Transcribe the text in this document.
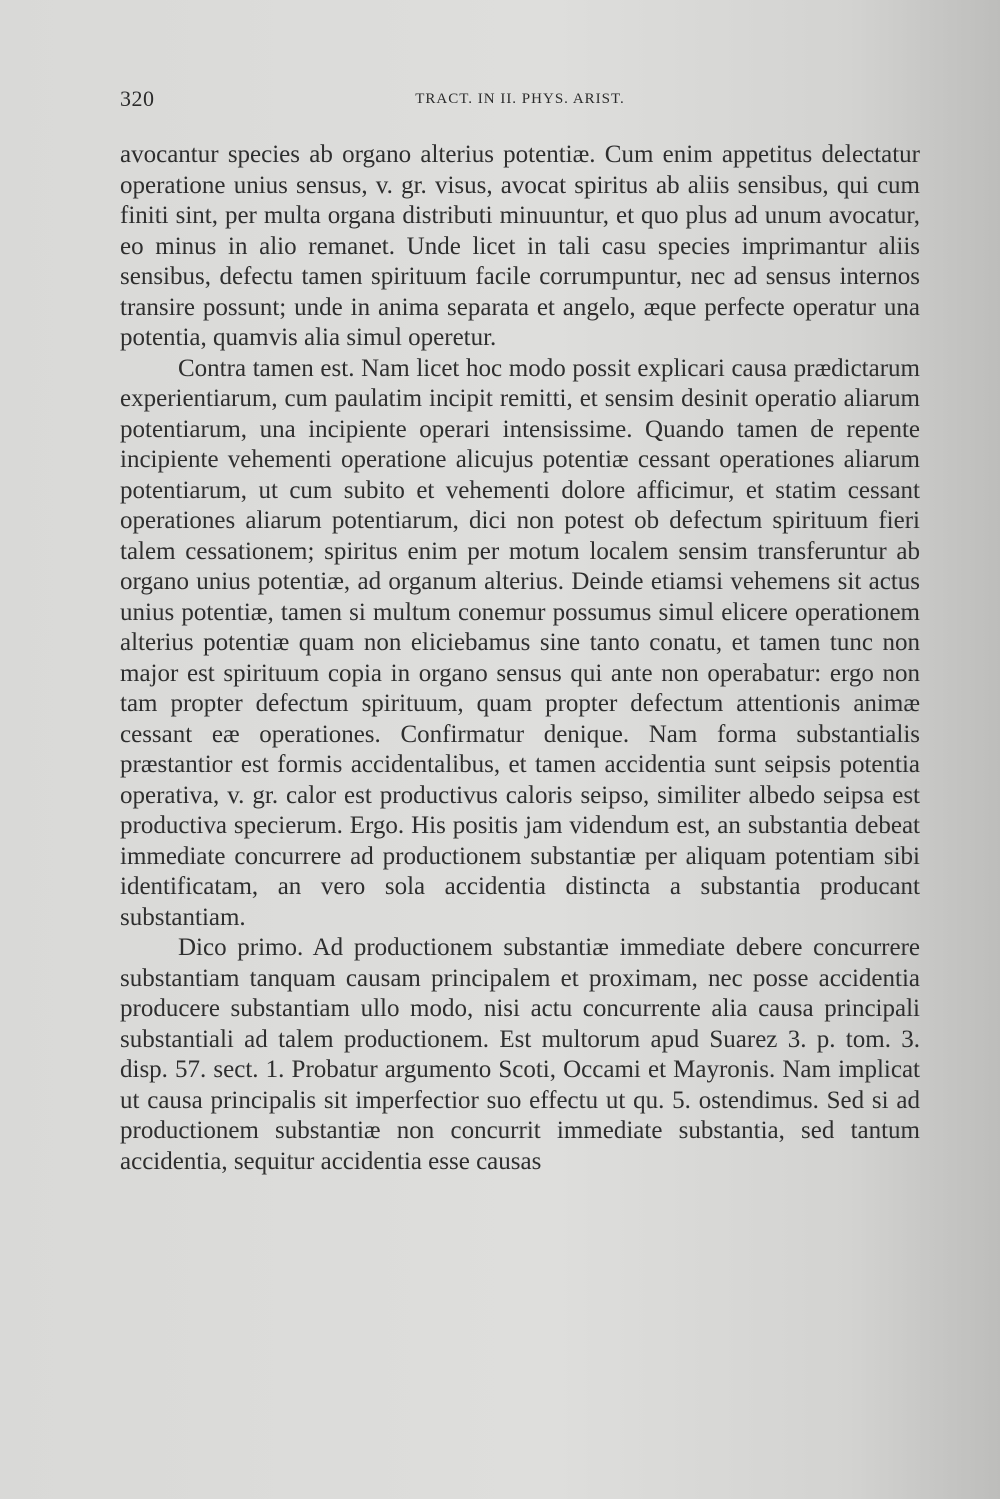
320	TRACT. IN II. PHYS. ARIST.

avocantur species ab organo alterius potentiæ. Cum enim appetitus delectatur operatione unius sensus, v. gr. visus, avocat spiritus ab aliis sensibus, qui cum finiti sint, per multa organa distributi minuuntur, et quo plus ad unum avocatur, eo minus in alio remanet. Unde licet in tali casu species imprimantur aliis sensibus, defectu tamen spirituum facile corrumpuntur, nec ad sensus internos transire possunt; unde in anima separata et angelo, æque perfecte operatur una potentia, quamvis alia simul operetur.

Contra tamen est. Nam licet hoc modo possit explicari causa prædictarum experientiarum, cum paulatim incipit remitti, et sensim desinit operatio aliarum potentiarum, una incipiente operari intensissime. Quando tamen de repente incipiente vehementi operatione alicujus potentiæ cessant operationes aliarum potentiarum, ut cum subito et vehementi dolore afficimur, et statim cessant operationes aliarum potentiarum, dici non potest ob defectum spirituum fieri talem cessationem; spiritus enim per motum localem sensim transferuntur ab organo unius potentiæ, ad organum alterius. Deinde etiamsi vehemens sit actus unius potentiæ, tamen si multum conemur possumus simul elicere operationem alterius potentiæ quam non eliciebamus sine tanto conatu, et tamen tunc non major est spirituum copia in organo sensus qui ante non operabatur: ergo non tam propter defectum spirituum, quam propter defectum attentionis animæ cessant eæ operationes. Confirmatur denique. Nam forma substantialis præstantior est formis accidentalibus, et tamen accidentia sunt seipsis potentia operativa, v. gr. calor est productivus caloris seipso, similiter albedo seipsa est productiva specierum. Ergo. His positis jam videndum est, an substantia debeat immediate concurrere ad productionem substantiæ per aliquam potentiam sibi identificatam, an vero sola accidentia distincta a substantia producant substantiam.

Dico primo. Ad productionem substantiæ immediate debere concurrere substantiam tanquam causam principalem et proximam, nec posse accidentia producere substantiam ullo modo, nisi actu concurrente alia causa principali substantiali ad talem productionem. Est multorum apud Suarez 3. p. tom. 3. disp. 57. sect. 1. Probatur argumento Scoti, Occami et Mayronis. Nam implicat ut causa principalis sit imperfectior suo effectu ut qu. 5. ostendimus. Sed si ad productionem substantiæ non concurrit immediate substantia, sed tantum accidentia, sequitur accidentia esse causas
